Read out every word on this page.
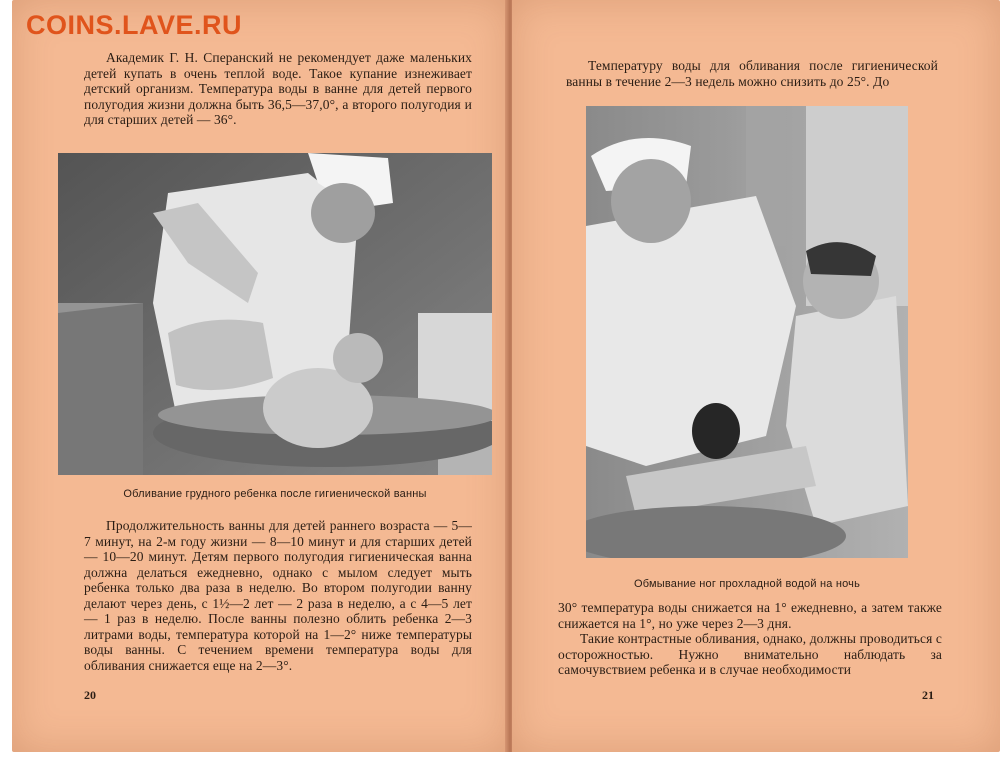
Академик Г. Н. Сперанский не рекомендует даже маленьких детей купать в очень теплой воде. Такое купание изнеживает детский организм. Температура воды в ванне для детей первого полугодия жизни должна быть 36,5—37,0°, а второго полугодия и для старших детей — 36°.

Обливание грудного ребенка после гигиенической ванны

Продолжительность ванны для детей раннего возраста — 5—7 минут, на 2-м году жизни — 8—10 минут и для старших детей — 10—20 минут. Детям первого полугодия гигиеническая ванна должна делаться ежедневно, однако с мылом следует мыть ребенка только два раза в неделю. Во втором полугодии ванну делают через день, с 1½—2 лет — 2 раза в неделю, а с 4—5 лет — 1 раз в неделю. После ванны полезно облить ребенка 2—3 литрами воды, температура которой на 1—2° ниже температуры воды ванны. С течением времени температура воды для обливания снижается еще на 2—3°.

20

Температуру воды для обливания после гигиенической ванны в течение 2—3 недель можно снизить до 25°. До

Обмывание ног прохладной водой на ночь

30° температура воды снижается на 1° ежедневно, а затем также снижается на 1°, но уже через 2—3 дня.

Такие контрастные обливания, однако, должны проводиться с осторожностью. Нужно внимательно наблюдать за самочувствием ребенка и в случае необходимости

21
COINS.LAVE.RU
